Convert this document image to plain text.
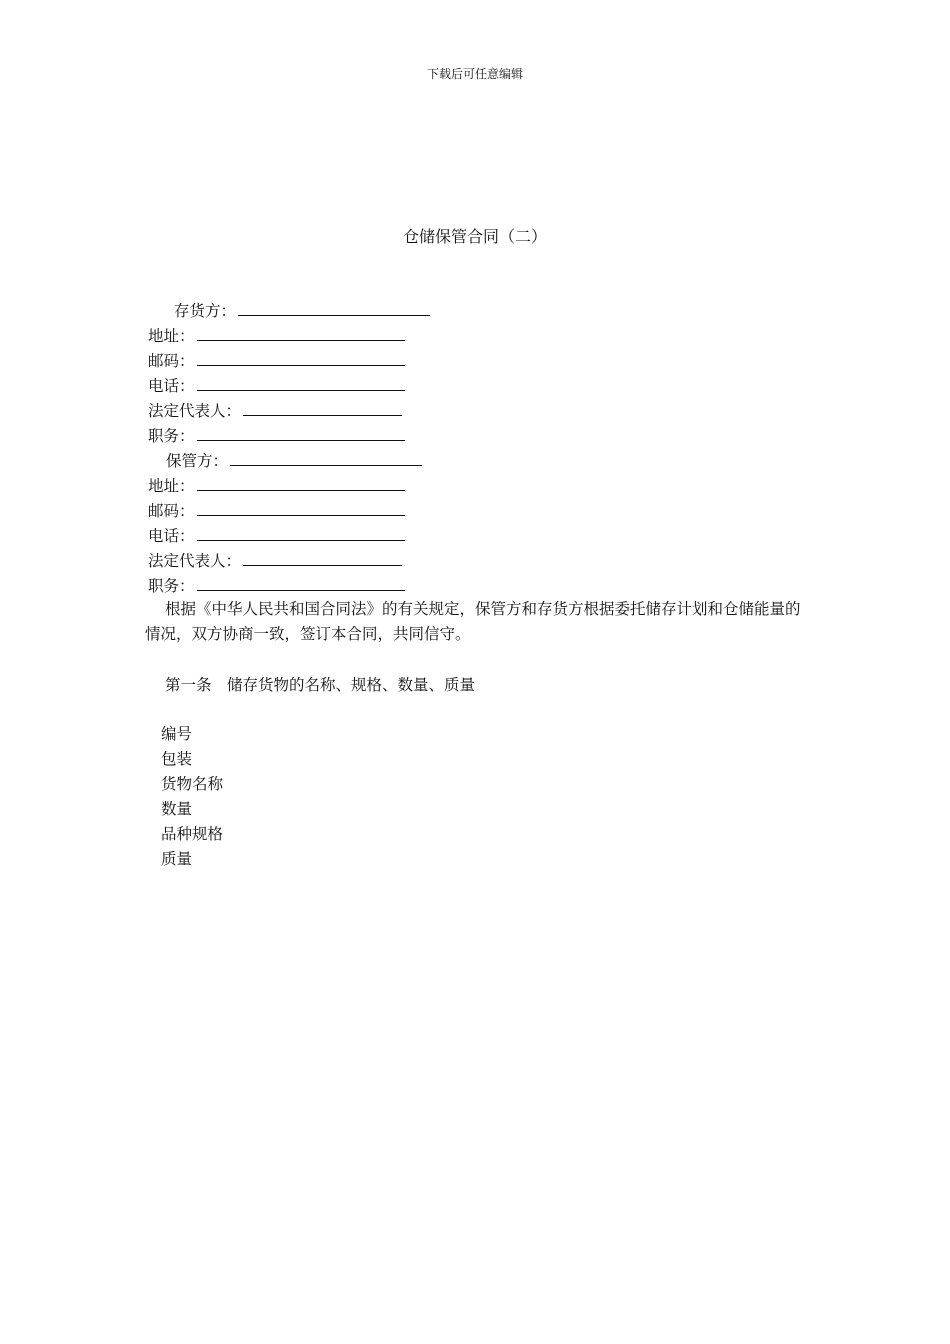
下载后可任意编辑
仓储保管合同（二）
存货方：
地址：
邮码：
电话：
法定代表人：
职务：
保管方：
地址：
邮码：
电话：
法定代表人：
职务：
根据《中华人民共和国合同法》的有关规定，保管方和存货方根据委托储存计划和仓储能量的情况，双方协商一致，签订本合同，共同信守。
第一条　储存货物的名称、规格、数量、质量
编号
包装
货物名称
数量
品种规格
质量
